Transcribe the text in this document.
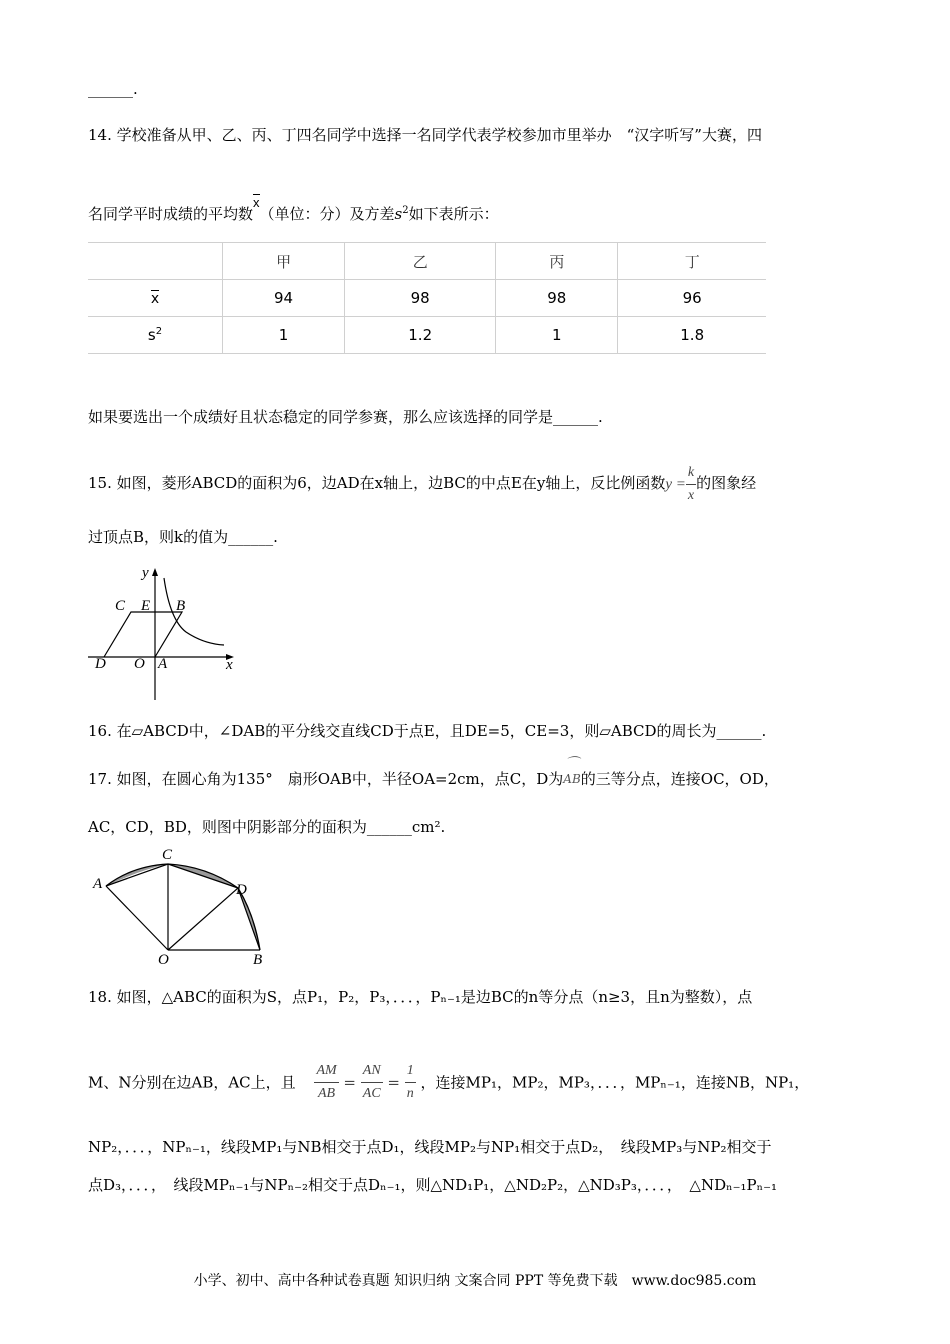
______.
14. 学校准备从甲、乙、丙、丁四名同学中选择一名同学代表学校参加市里举办　“汉字听写”大赛，四
名同学平时成绩的平均数x（单位：分）及方差$s^2$如下表所示：
	甲	乙	丙	丁
x	94	98	98	96
$s^2$	1	1.2	1	1.8
如果要选出一个成绩好且状态稳定的同学参赛，那么应该选择的同学是______.
15. 如图，菱形ABCD的面积为6，边AD在x轴上，边BC的中点E在y轴上，反比例函数$y = \frac{k}{x}$ 的图象经
过顶点B，则k的值为______.
y
x
C E B
D O A
16. 在▱ABCD中，∠DAB的平分线交直线CD于点E，且DE=5，CE=3，则▱ABCD的周长为______.
17. 如图，在圆心角为135°　扇形OAB中，半径OA=2cm，点C，D为
⌒
AB的三等分点，连接OC，OD，
AC，CD，BD，则图中阴影部分的面积为______cm².
A
C
D
O	B
18. 如图，△ABC的面积为S，点P₁，P₂，P₃，．．．，Pₙ₋₁是边BC的n等分点（n≥3，且n为整数），点
M、N分别在边AB，AC上，且 $\frac{AM}{AB} = \frac{AN}{AC} = \frac{1}{n}$ ，连接MP₁，MP₂，MP₃，．．．，MPₙ₋₁，连接NB，NP₁，
NP₂，．．．，NPₙ₋₁，线段MP₁与NB相交于点D₁，线段MP₂与NP₁相交于点D₂，　线段MP₃与NP₂相交于
点D₃，．．．，　线段MPₙ₋₁与NPₙ₋₂相交于点Dₙ₋₁，则△ND₁P₁，△ND₂P₂，△ND₃P₃，．．．，　△NDₙ₋₁Pₙ₋₁
小学、初中、高中各种试卷真题 知识归纳 文案合同 PPT 等免费下载　www.doc985.com
